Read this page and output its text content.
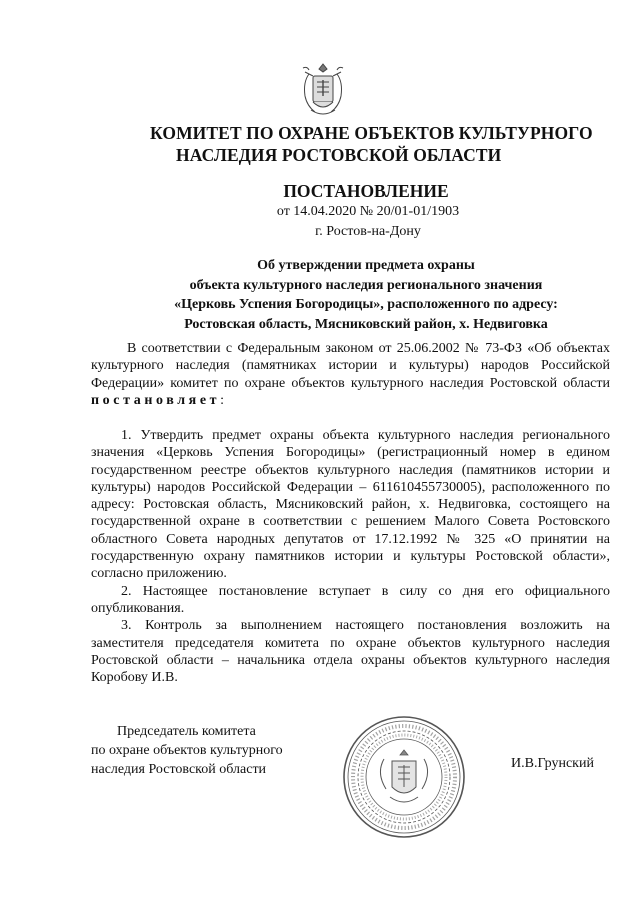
КОМИТЕТ ПО ОХРАНЕ ОБЪЕКТОВ КУЛЬТУРНОГО
НАСЛЕДИЯ РОСТОВСКОЙ ОБЛАСТИ
ПОСТАНОВЛЕНИЕ
от 14.04.2020 № 20/01-01/1903
г. Ростов-на-Дону
Об утверждении предмета охраны
объекта культурного наследия регионального значения
«Церковь Успения Богородицы», расположенного по адресу:
Ростовская область, Мясниковский район, х. Недвиговка
В соответствии с Федеральным законом от 25.06.2002 № 73-ФЗ «Об объектах культурного наследия (памятниках истории и культуры) народов Российской Федерации» комитет по охране объектов культурного наследия Ростовской области постановляет:

1. Утвердить предмет охраны объекта культурного наследия регионального значения «Церковь Успения Богородицы» (регистрационный номер в едином государственном реестре объектов культурного наследия (памятников истории и культуры) народов Российской Федерации – 611610455730005), расположенного по адресу: Ростовская область, Мясниковский район, х. Недвиговка, состоящего на государственной охране в соответствии с решением Малого Совета Ростовского областного Совета народных депутатов от 17.12.1992 № 325 «О принятии на государственную охрану памятников истории и культуры Ростовской области», согласно приложению.

2. Настоящее постановление вступает в силу со дня его официального опубликования.

3. Контроль за выполнением настоящего постановления возложить на заместителя председателя комитета по охране объектов культурного наследия Ростовской области – начальника отдела охраны объектов культурного наследия Коробову И.В.

Председатель комитета
по охране объектов культурного
наследия Ростовской области	И.В.Грунский
